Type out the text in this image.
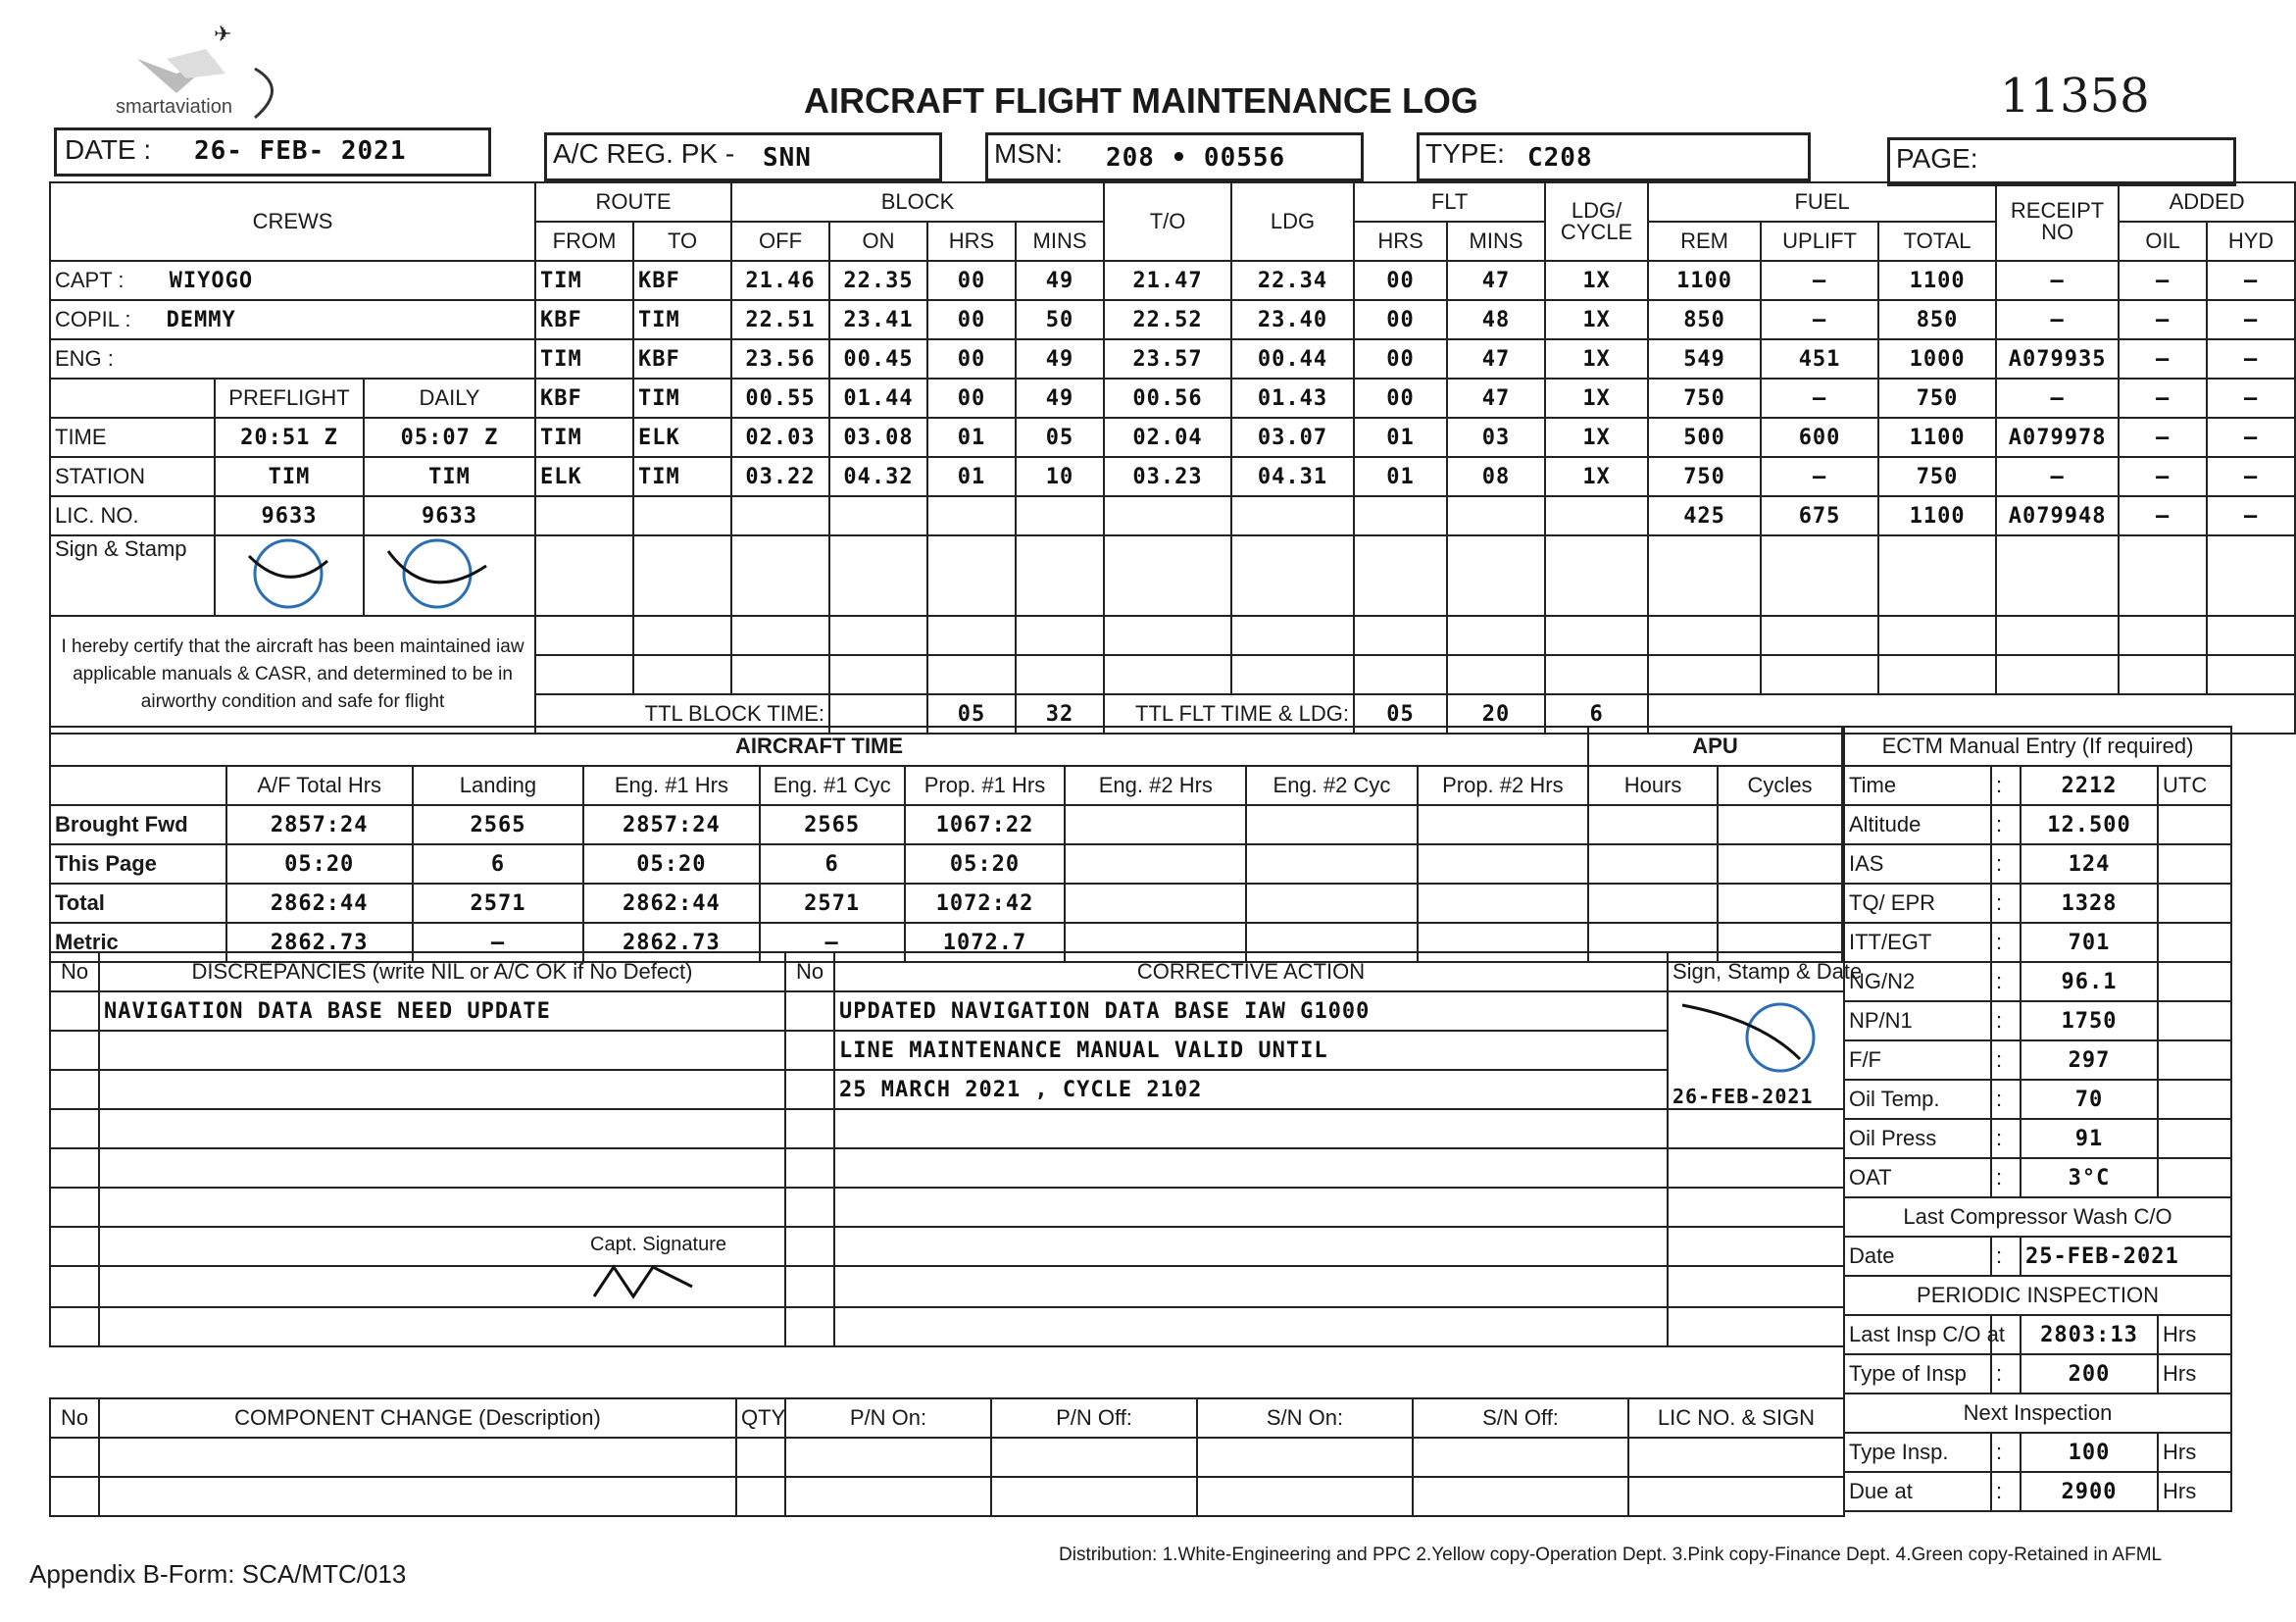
✈
smartaviation	AIRCRAFT FLIGHT MAINTENANCE LOG	11358
DATE : 26- FEB- 2021	A/C REG. PK - SNN	MSN: 208 • 00556	TYPE: C208	PAGE:
CREWS			ROUTE		BLOCK				T/O	LDG	FLT		LDG/ CYCLE	FUEL			RECEIPT NO	ADDED	
			FROM	TO	OFF	ON	HRS	MINS			HRS	MINS		REM	UPLIFT	TOTAL		OIL	HYD
CAPT : WIYOGO			TIM	KBF	21.46	22.35	00	49	21.47	22.34	00	47	1X	1100	—	1100	—	—	—
COPIL : DEMMY			KBF	TIM	22.51	23.41	00	50	22.52	23.40	00	48	1X	850	—	850	—	—	—
ENG :			TIM	KBF	23.56	00.45	00	49	23.57	00.44	00	47	1X	549	451	1000	A079935	—	—
	PREFLIGHT	DAILY	KBF	TIM	00.55	01.44	00	49	00.56	01.43	00	47	1X	750	—	750	—	—	—
TIME	20:51 Z	05:07 Z	TIM	ELK	02.03	03.08	01	05	02.04	03.07	01	03	1X	500	600	1100	A079978	—	—
STATION	TIM	TIM	ELK	TIM	03.22	04.32	01	10	03.23	04.31	01	08	1X	750	—	750	—	—	—
LIC. NO.	9633	9633												425	675	1100	A079948	—	—
Sign & Stamp																			
I hereby certify that the aircraft has been maintained iaw applicable manuals & CASR, and determined to be in airworthy condition and safe for flight																			

			TTL BLOCK TIME:				05	32	TTL FLT TIME & LDG:		05	20	6						
AIRCRAFT TIME									APU	
	A/F Total Hrs	Landing	Eng. #1 Hrs	Eng. #1 Cyc	Prop. #1 Hrs	Eng. #2 Hrs	Eng. #2 Cyc	Prop. #2 Hrs	Hours	Cycles
Brought Fwd	2857:24	2565	2857:24	2565	1067:22					
This Page	05:20	6	05:20	6	05:20					
Total	2862:44	2571	2862:44	2571	1072:42					
Metric	2862.73	—	2862.73	—	1072.7					
No	DISCREPANCIES (write NIL or A/C OK if No Defect)	No	CORRECTIVE ACTION	Sign, Stamp & Date
	NAVIGATION DATA BASE NEED UPDATE		UPDATED NAVIGATION DATA BASE IAW G1000	26-FEB-2021

			LINE MAINTENANCE MANUAL VALID UNTIL	
			25 MARCH 2021 , CYCLE 2102	

	Capt. Signature			

No	COMPONENT CHANGE (Description)	QTY	P/N On:	P/N Off:	S/N On:	S/N Off:	LIC NO. & SIGN

ECTM Manual Entry (If required)			
Time	:	2212	UTC
Altitude	:	12.500	
IAS	:	124	
TQ/ EPR	:	1328	
ITT/EGT	:	701	
NG/N2	:	96.1	
NP/N1	:	1750	
F/F	:	297	
Oil Temp.	:	70	
Oil Press	:	91	
OAT	:	3°C	
Last Compressor Wash C/O			
Date	:	25-FEB-2021	
PERIODIC INSPECTION			
Last Insp C/O at		2803:13	Hrs
Type of Insp	:	200	Hrs
Next Inspection			
Type Insp.	:	100	Hrs
Due at	:	2900	Hrs
Distribution: 1.White-Engineering and PPC 2.Yellow copy-Operation Dept. 3.Pink copy-Finance Dept. 4.Green copy-Retained in AFML
Appendix B-Form: SCA/MTC/013
